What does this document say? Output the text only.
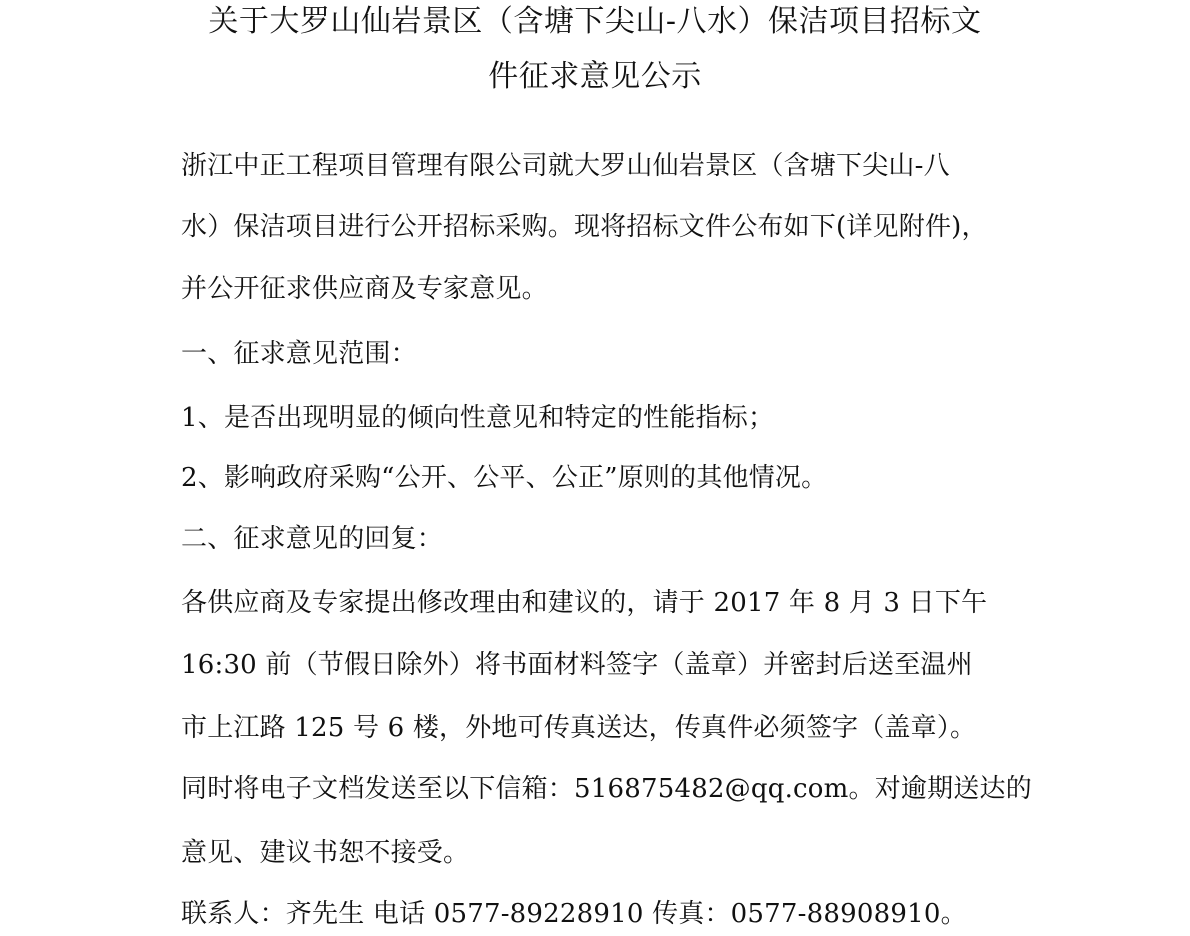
关于大罗山仙岩景区（含塘下尖山-八水）保洁项目招标文
件征求意见公示
浙江中正工程项目管理有限公司就大罗山仙岩景区（含塘下尖山-八
水）保洁项目进行公开招标采购。现将招标文件公布如下(详见附件)，
并公开征求供应商及专家意见。
一、征求意见范围：
1、是否出现明显的倾向性意见和特定的性能指标；
2、影响政府采购“公开、公平、公正”原则的其他情况。
二、征求意见的回复：
各供应商及专家提出修改理由和建议的，请于 2017 年 8 月 3 日下午
16:30 前（节假日除外）将书面材料签字（盖章）并密封后送至温州
市上江路 125 号 6 楼，外地可传真送达，传真件必须签字（盖章）。
同时将电子文档发送至以下信箱：516875482@qq.com。对逾期送达的
意见、建议书恕不接受。
联系人：齐先生 电话 0577-89228910 传真：0577-88908910。
